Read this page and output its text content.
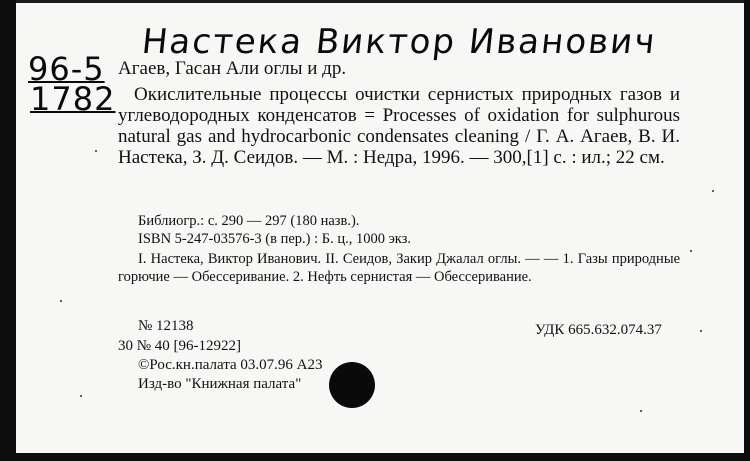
Настека Виктор Иванович
96-5
1782
Агаев, Гасан Али оглы и др.
Окислительные процессы очистки сернистых природных газов и углеводородных конденсатов = Processes of oxidation for sulphurous natural gas and hydrocarbonic condensates cleaning / Г. А. Агаев, В. И. Настека, З. Д. Сеидов. — М. : Недра, 1996. — 300,[1] с. : ил.; 22 см.
Библиогр.: с. 290 — 297 (180 назв.).
ISBN 5-247-03576-3 (в пер.) : Б. ц., 1000 экз.
I. Настека, Виктор Иванович. II. Сеидов, Закир Джалал оглы. — — 1. Газы природные горючие — Обессеривание. 2. Нефть сернистая — Обессеривание.
№ 12138	УДК 665.632.074.37
30 № 40 [96-12922]
©Рос.кн.палата 03.07.96 А23
Изд-во "Книжная палата"
